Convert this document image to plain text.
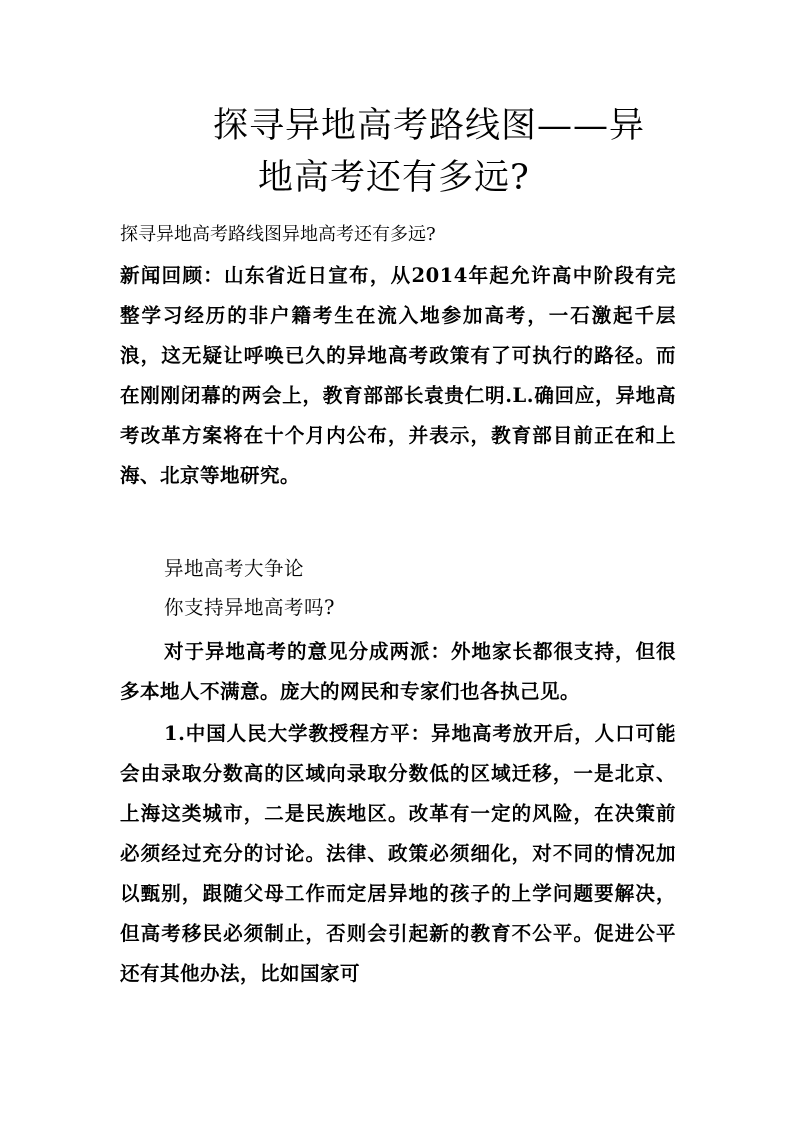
探寻异地高考路线图——异
地高考还有多远?
探寻异地高考路线图异地高考还有多远?
新闻回顾：山东省近日宣布，从2014年起允许高中阶段有完整学习经历的非户籍考生在流入地参加高考，一石激起千层浪，这无疑让呼唤已久的异地高考政策有了可执行的路径。而在刚刚闭幕的两会上，教育部部长袁贵仁明.L.确回应，异地高考改革方案将在十个月内公布，并表示，教育部目前正在和上海、北京等地研究。
异地高考大争论
你支持异地高考吗?
对于异地高考的意见分成两派：外地家长都很支持，但很多本地人不满意。庞大的网民和专家们也各执己见。
1.中国人民大学教授程方平：异地高考放开后，人口可能会由录取分数高的区域向录取分数低的区域迁移，一是北京、上海这类城市，二是民族地区。改革有一定的风险，在决策前必须经过充分的讨论。法律、政策必须细化，对不同的情况加以甄别，跟随父母工作而定居异地的孩子的上学问题要解决，但高考移民必须制止，否则会引起新的教育不公平。促进公平还有其他办法，比如国家可
